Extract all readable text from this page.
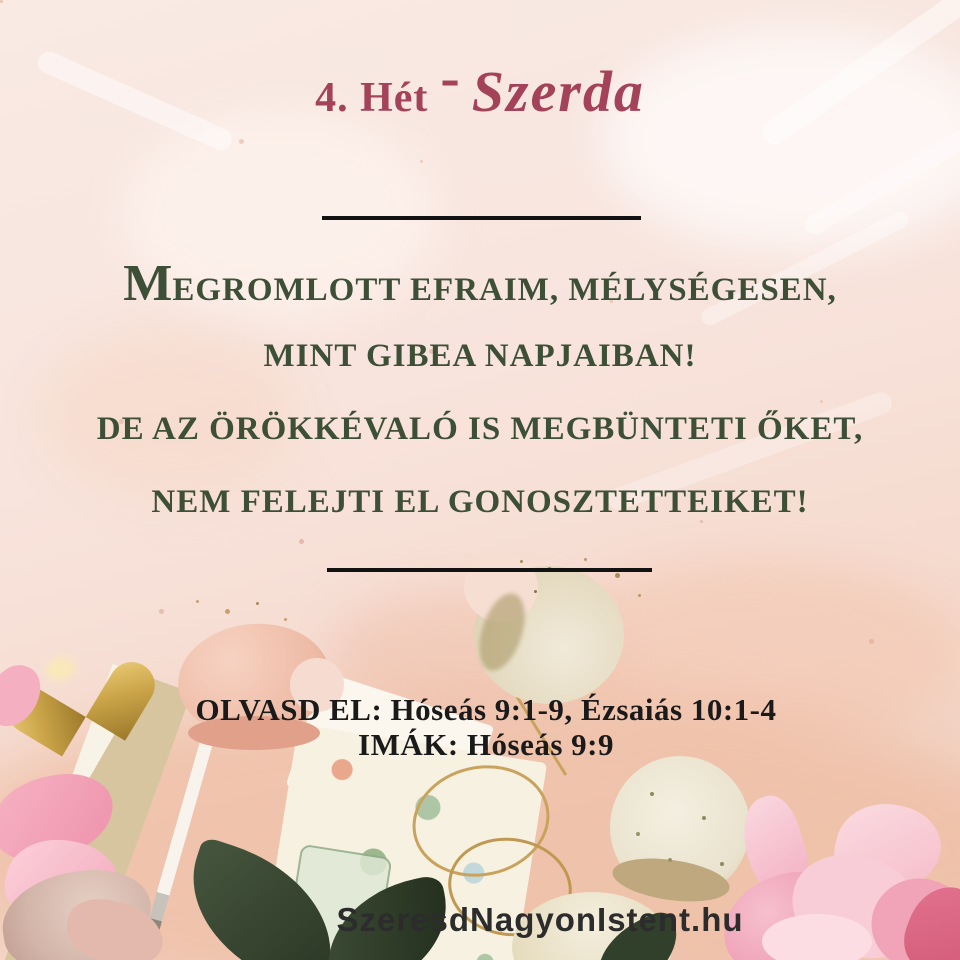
4. Hét - Szerda
MEGROMLOTT EFRAIM, MÉLYSÉGESEN,
MINT GIBEA NAPJAIBAN!
DE AZ ÖRÖKKÉVALÓ IS MEGBÜNTETI ŐKET,
NEM FELEJTI EL GONOSZTETTEIKET!
OLVASD EL: Hóseás 9:1-9, Ézsaiás 10:1-4
IMÁK: Hóseás 9:9
SzeresdNagyonIstent.hu
